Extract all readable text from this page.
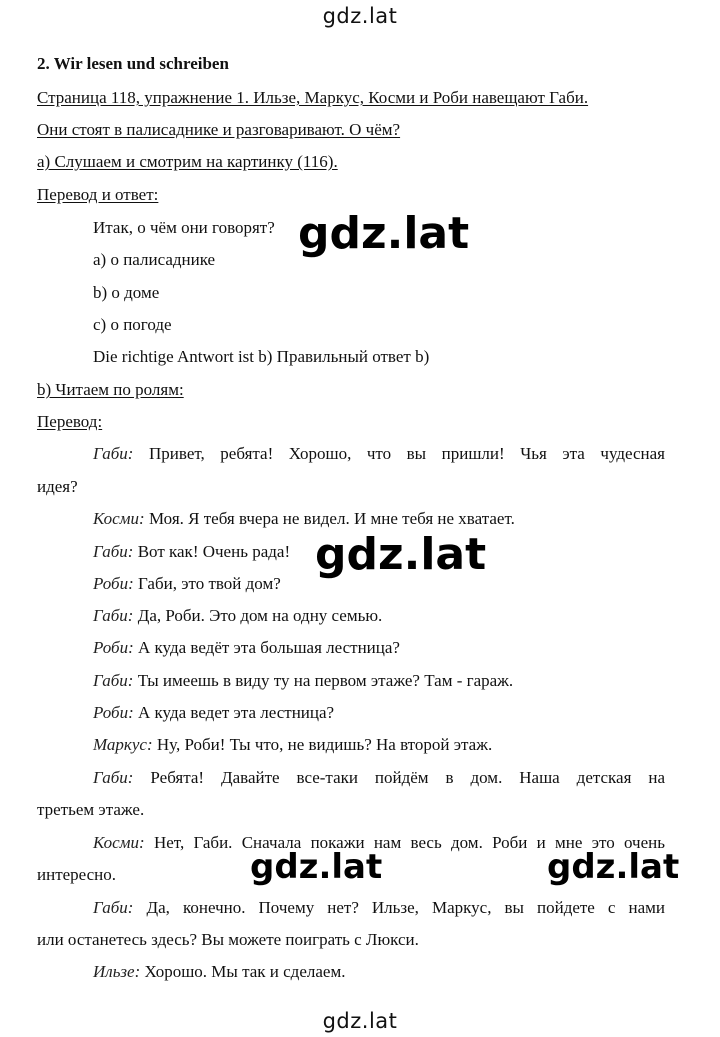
gdz.lat
2. Wir lesen und schreiben
Страница 118, упражнение 1. Ильзе, Маркус, Косми и Роби навещают Габи.
Они стоят в палисаднике и разговаривают. О чём?
а) Слушаем и смотрим на картинку (116).
Перевод и ответ:
Итак, о чём они говорят?
а) о палисаднике
b) о доме
c) о погоде
Die richtige Antwort ist b) Правильный ответ b)
b) Читаем по ролям:
Перевод:
Габи: Привет, ребята! Хорошо, что вы пришли! Чья эта чудесная
идея?
Косми: Моя. Я тебя вчера не видел. И мне тебя не хватает.
Габи: Вот как! Очень рада!
Роби: Габи, это твой дом?
Габи: Да, Роби. Это дом на одну семью.
Роби: А куда ведёт эта большая лестница?
Габи: Ты имеешь в виду ту на первом этаже? Там - гараж.
Роби: А куда ведет эта лестница?
Маркус: Ну, Роби! Ты что, не видишь? На второй этаж.
Габи: Ребята! Давайте все-таки пойдём в дом. Наша детская на
третьем этаже.
Косми: Нет, Габи. Сначала покажи нам весь дом. Роби и мне это очень
интересно.
Габи: Да, конечно. Почему нет? Ильзе, Маркус, вы пойдете с нами
или останетесь здесь? Вы можете поиграть с Люкси.
Ильзе: Хорошо. Мы так и сделаем.
gdz.lat
gdz.lat
gdz.lat	gdz.lat
gdz.lat
